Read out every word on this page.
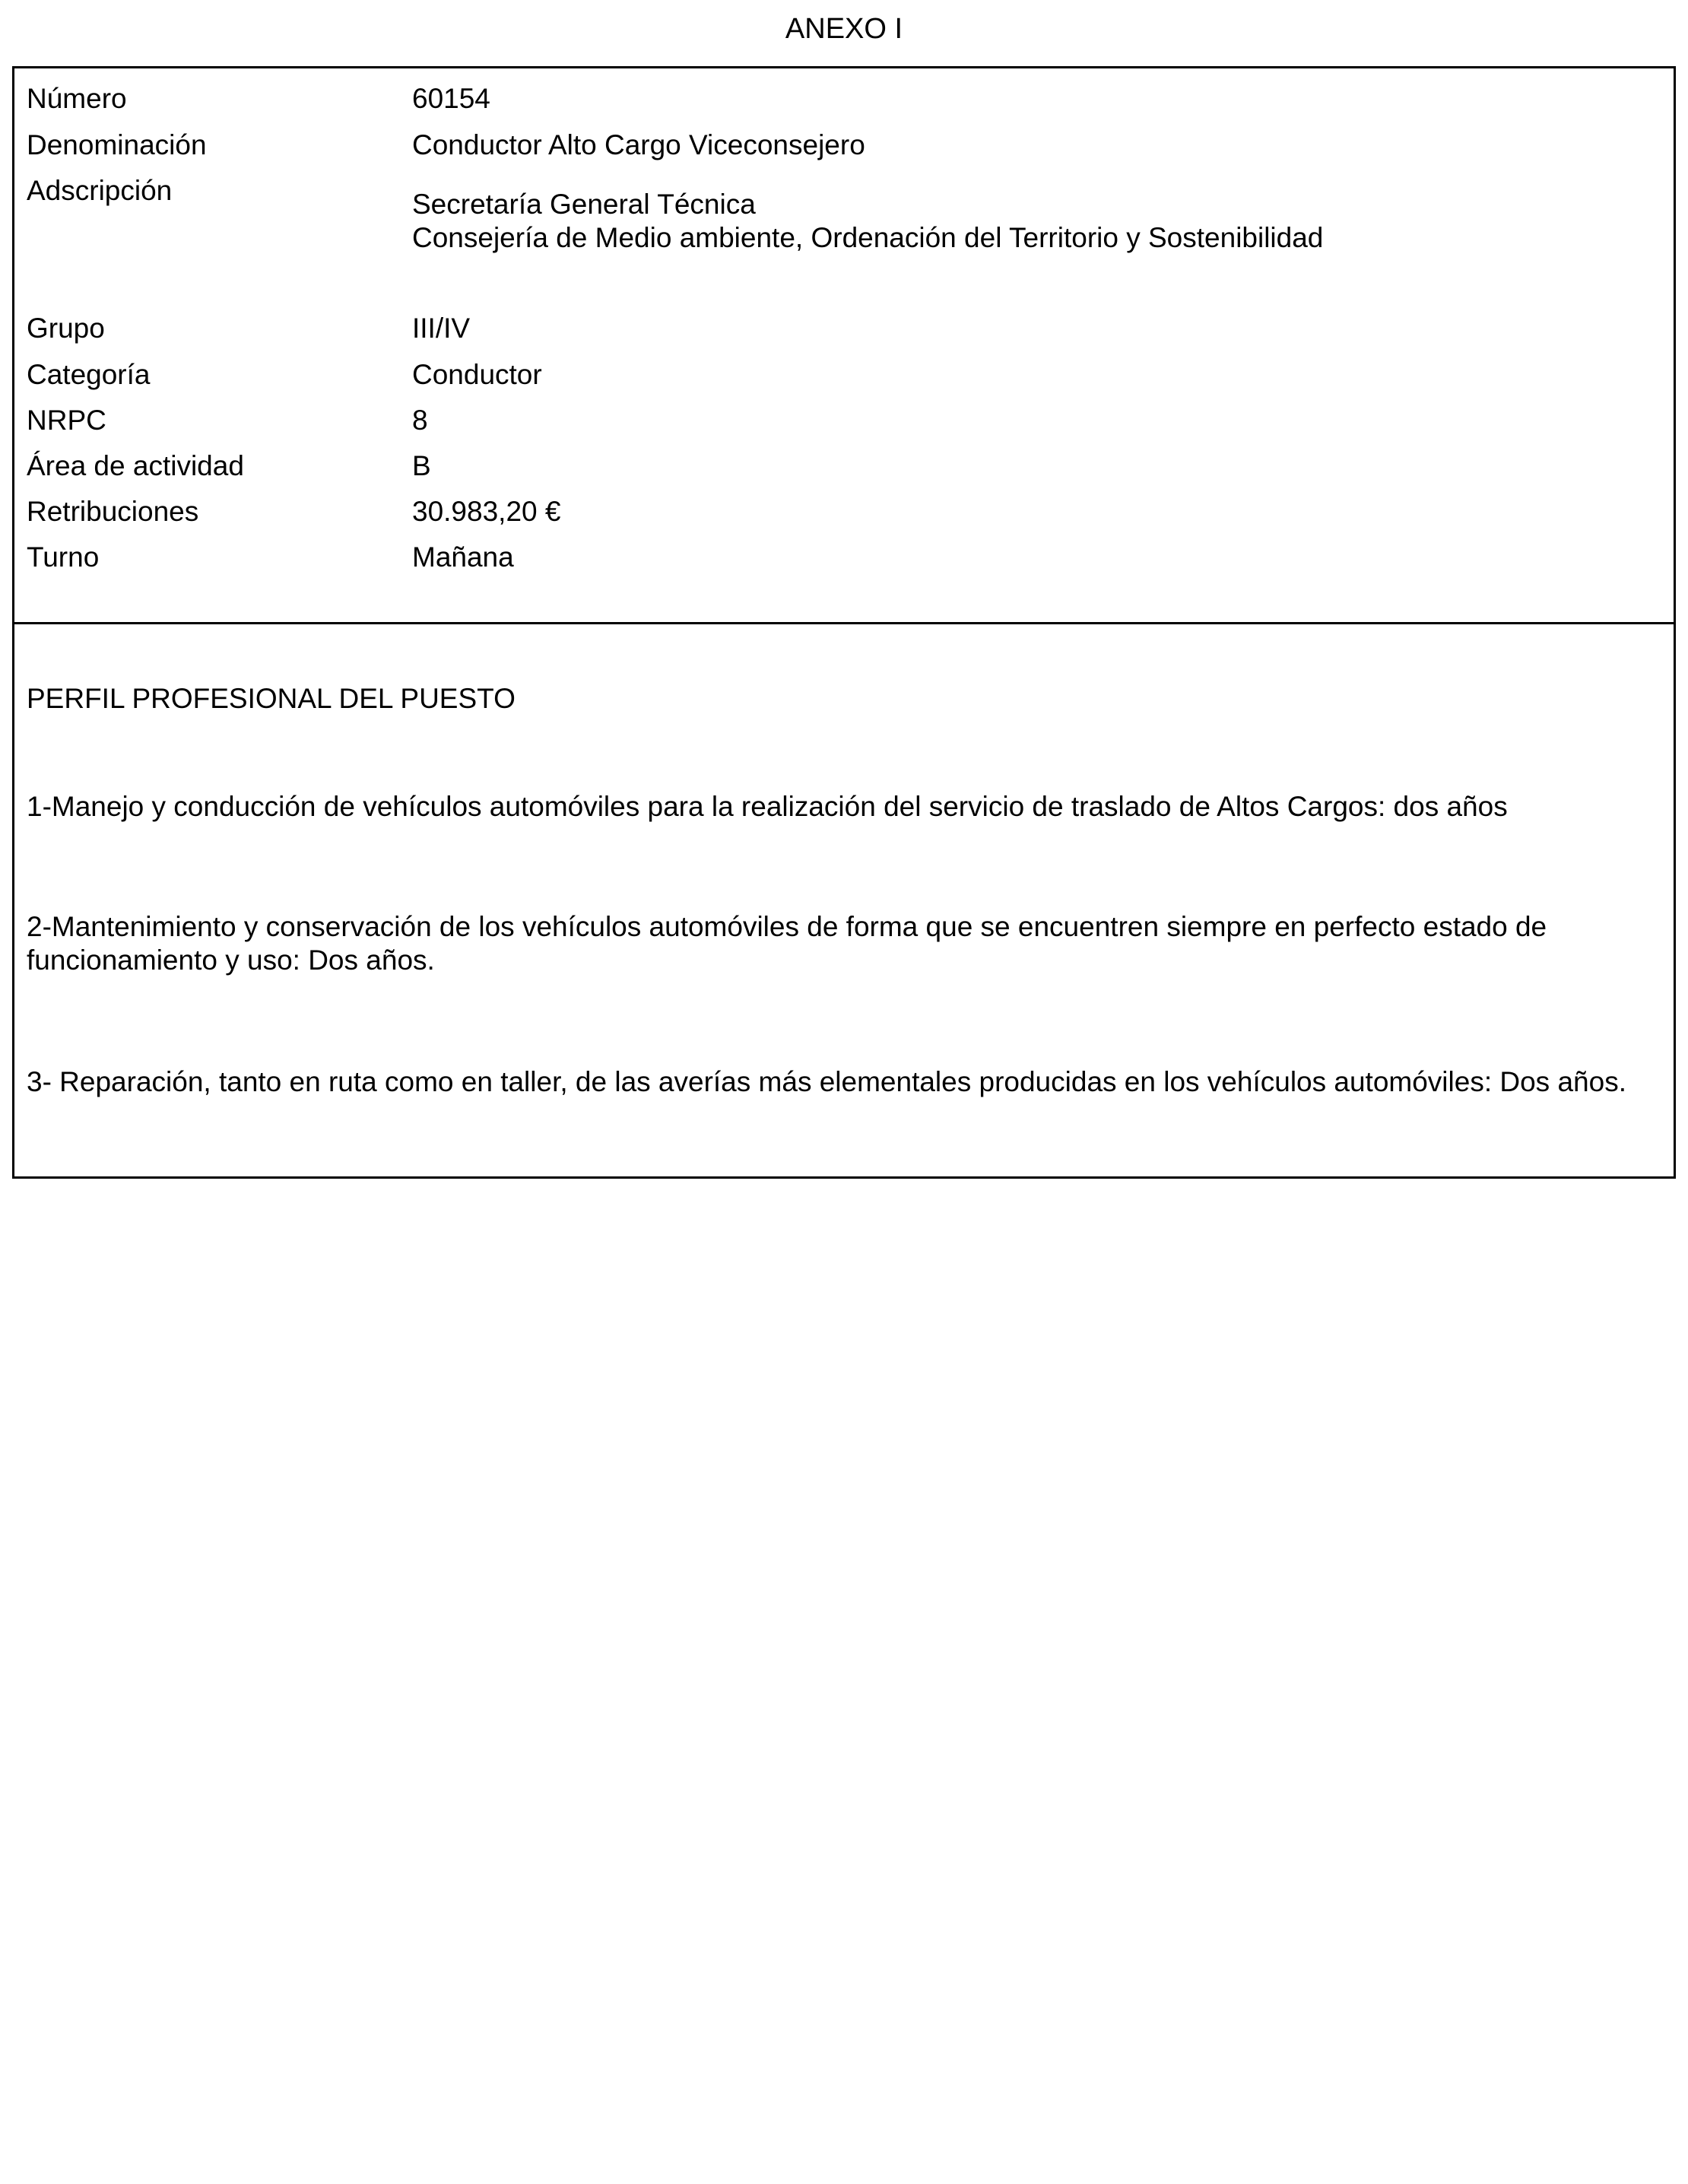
ANEXO I
Número	60154
Denominación	Conductor Alto Cargo Viceconsejero
Adscripción	Secretaría General Técnica
Consejería de Medio ambiente, Ordenación del Territorio y Sostenibilidad
Grupo	III/IV
Categoría	Conductor
NRPC	8
Área de actividad	B
Retribuciones	30.983,20 €
Turno	Mañana
PERFIL PROFESIONAL DEL PUESTO
1-Manejo y conducción de vehículos automóviles para la realización del servicio de traslado de Altos Cargos: dos años
2-Mantenimiento y conservación de los vehículos automóviles de forma que se encuentren siempre en perfecto estado de
funcionamiento y uso: Dos años.
3- Reparación, tanto en ruta como en taller, de las averías más elementales producidas en los vehículos automóviles: Dos años.
